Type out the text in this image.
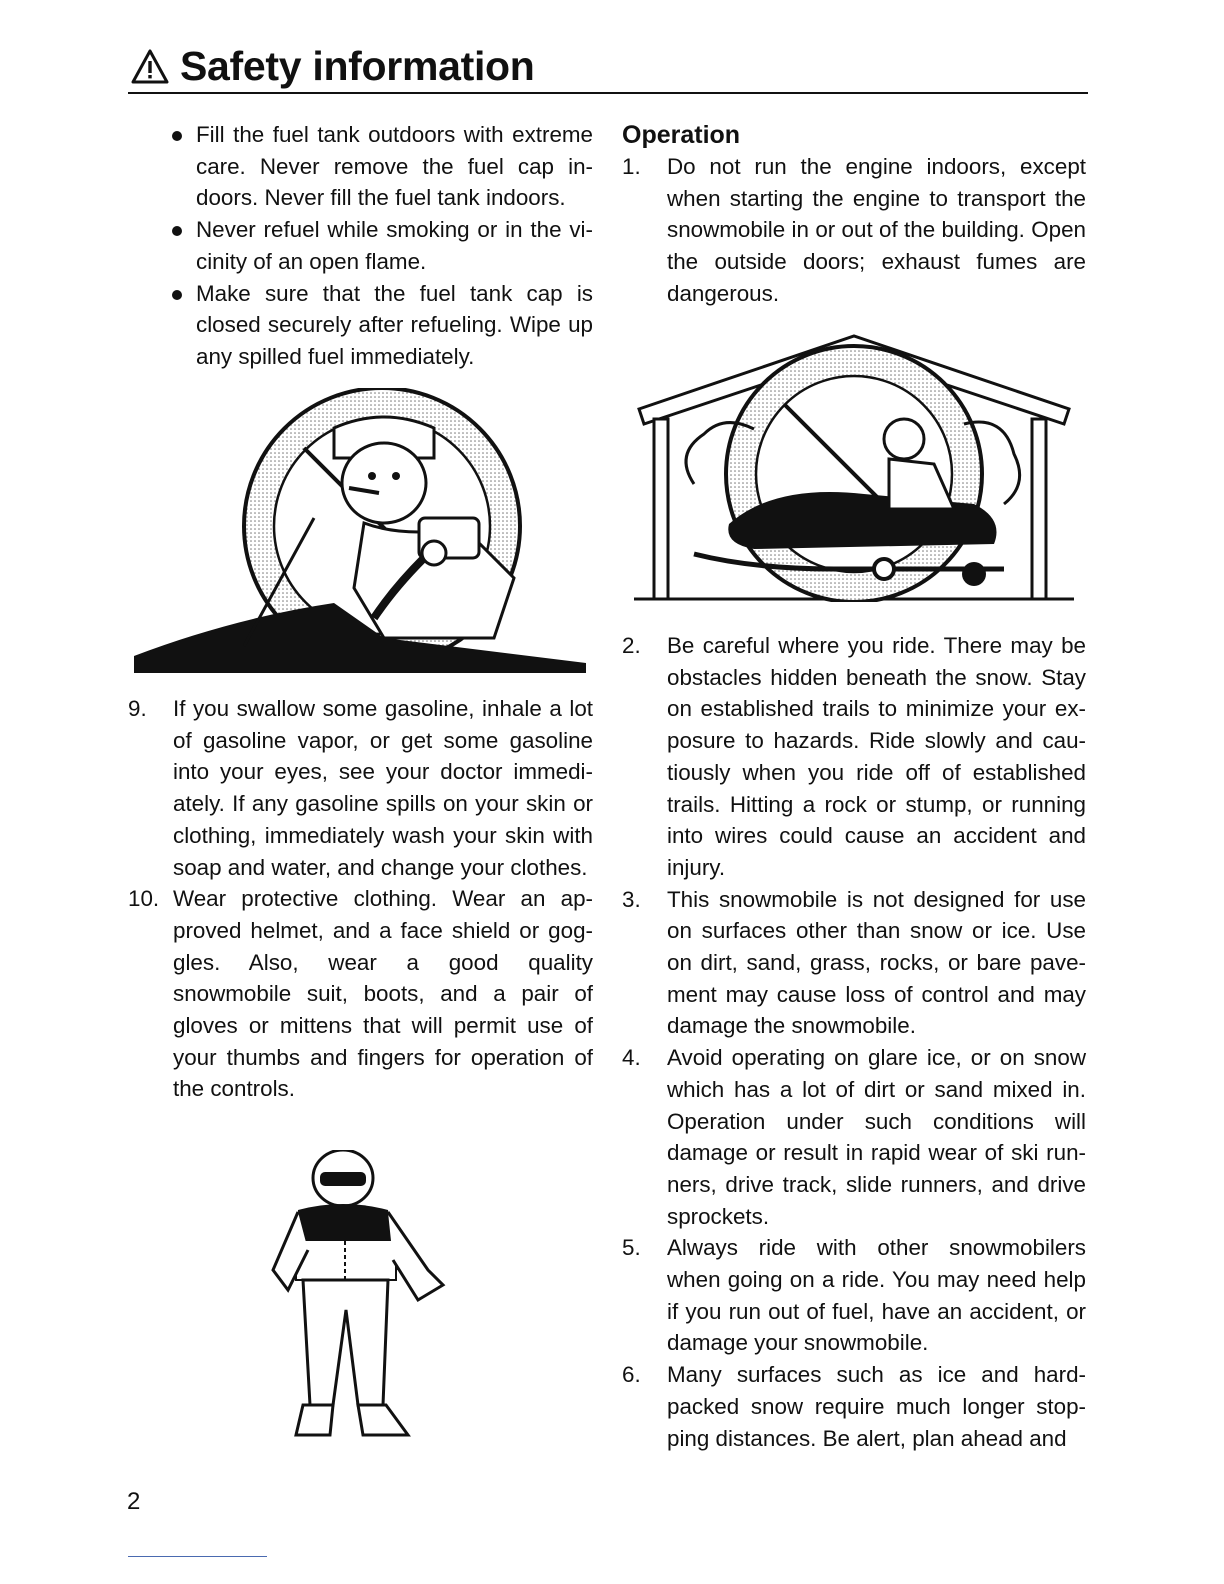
Safety information
Fill the fuel tank outdoors with extreme care. Never remove the fuel cap in-doors. Never fill the fuel tank indoors.
Never refuel while smoking or in the vi-cinity of an open flame.
Make sure that the fuel tank cap is closed securely after refueling. Wipe up any spilled fuel immediately.
9. If you swallow some gasoline, inhale a lot of gasoline vapor, or get some gasoline into your eyes, see your doctor immedi-ately. If any gasoline spills on your skin or clothing, immediately wash your skin with soap and water, and change your clothes.
10. Wear protective clothing. Wear an ap-proved helmet, and a face shield or gog-gles. Also, wear a good quality snowmobile suit, boots, and a pair of gloves or mittens that will permit use of your thumbs and fingers for operation of the controls.

Operation

1. Do not run the engine indoors, except when starting the engine to transport the snowmobile in or out of the building. Open the outside doors; exhaust fumes are dangerous.
2. Be careful where you ride. There may be obstacles hidden beneath the snow. Stay on established trails to minimize your ex-posure to hazards. Ride slowly and cau-tiously when you ride off of established trails. Hitting a rock or stump, or running into wires could cause an accident and injury.
3. This snowmobile is not designed for use on surfaces other than snow or ice. Use on dirt, sand, grass, rocks, or bare pave-ment may cause loss of control and may damage the snowmobile.
4. Avoid operating on glare ice, or on snow which has a lot of dirt or sand mixed in. Operation under such conditions will damage or result in rapid wear of ski run-ners, drive track, slide runners, and drive sprockets.
5. Always ride with other snowmobilers when going on a ride. You may need help if you run out of fuel, have an accident, or damage your snowmobile.
6. Many surfaces such as ice and hard-packed snow require much longer stop-ping distances. Be alert, plan ahead and
2
